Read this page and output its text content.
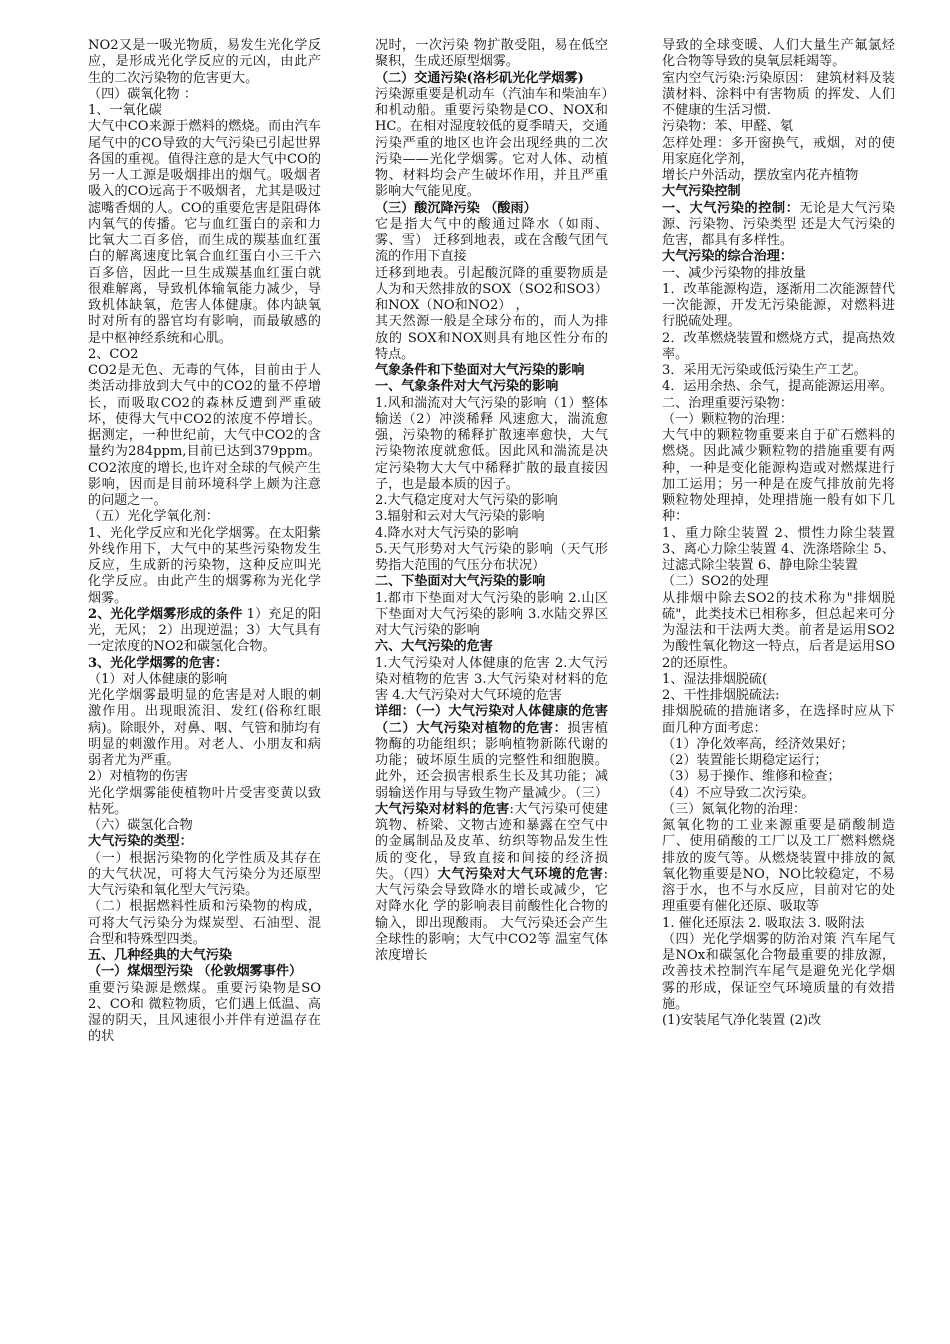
NO2又是一吸光物质，易发生光化学反应，是形成光化学反应的元凶，由此产生的二次污染物的危害更大。

（四）碳氧化物 ：

1、一氧化碳

大气中CO来源于燃料的燃烧。而由汽车尾气中的CO导致的大气污染已引起世界各国的重视。值得注意的是大气中CO的另一人工源是吸烟排出的烟气。吸烟者吸入的CO远高于不吸烟者，尤其是吸过滤嘴香烟的人。CO的重要危害是阻碍体内氧气的传播。它与血红蛋白的亲和力比氧大二百多倍，而生成的羰基血红蛋白的解离速度比氧合血红蛋白小三千六百多倍，因此一旦生成羰基血红蛋白就很难解离，导致机体输氧能力减少，导致机体缺氧，危害人体健康。体内缺氧时对所有的器官均有影响，而最敏感的是中枢神经系统和心肌。

2、CO2

CO2是无色、无毒的气体，目前由于人类活动排放到大气中的CO2的量不停增长，而吸取CO2的森林反遭到严重破坏，使得大气中CO2的浓度不停增长。据测定，一种世纪前，大气中CO2的含量约为284ppm,目前已达到379ppm。 CO2浓度的增长,也许对全球的气候产生影响，因而是目前环境科学上颇为注意的问题之一。

（五）光化学氧化剂：

1、光化学反应和光化学烟雾。在太阳紫外线作用下，大气中的某些污染物发生反应，生成新的污染物，这种反应叫光化学反应。由此产生的烟雾称为光化学烟雾。

2、光化学烟雾形成的条件 1）充足的阳光，无风； 2）出现逆温；3）大气具有一定浓度的NO2和碳氢化合物。

3、光化学烟雾的危害：

（1）对人体健康的影响

光化学烟雾最明显的危害是对人眼的刺激作用。出现眼流泪、发红(俗称红眼病)。除眼外，对鼻、咽、气管和肺均有明显的刺激作用。对老人、小朋友和病弱者尤为严重。

2）对植物的伤害

光化学烟雾能使植物叶片受害变黄以致枯死。

（六）碳氢化合物

大气污染的类型：

（一）根据污染物的化学性质及其存在的大气状况，可将大气污染分为还原型大气污染和氧化型大气污染。

（二）根据燃料性质和污染物的构成，可将大气污染分为煤炭型、石油型、混合型和特殊型四类。

五、几种经典的大气污染

（一）煤烟型污染 （伦敦烟雾事件）

重要污染源是燃煤。重要污染物是SO2、CO和 微粒物质，它们遇上低温、高湿的阴天，且风速很小并伴有逆温存在的状

况时，一次污染 物扩散受阻，易在低空聚积，生成还原型烟雾。

（二）交通污染(洛杉矶光化学烟雾)

污染源重要是机动车（汽油车和柴油车）和机动船。重要污染物是CO、NOX和HC。在相对湿度较低的夏季晴天，交通污染严重的地区也许会出现经典的二次污染——光化学烟雾。它对人体、动植物、材料均会产生破坏作用，并且严重影响大气能见度。

（三）酸沉降污染 （酸雨）

它是指大气中的酸通过降水（如雨、雾、雪） 迁移到地表，或在含酸气团气流的作用下直接

迁移到地表。引起酸沉降的重要物质是人为和天然排放的SOX（SO2和SO3）和NOX（NO和NO2） ，

其天然源一般是全球分布的，而人为排放的 SOX和NOX则具有地区性分布的特点。

气象条件和下垫面对大气污染的影响

一、气象条件对大气污染的影响

1.风和湍流对大气污染的影响（1）整体输送（2）冲淡稀释 风速愈大，湍流愈强，污染物的稀释扩散速率愈快，大气污染物浓度就愈低。因此风和湍流是决定污染物大大气中稀释扩散的最直接因子，也是最本质的因子。

2.大气稳定度对大气污染的影响

3.辐射和云对大气污染的影响

4.降水对大气污染的影响

5.天气形势对大气污染的影响（天气形势指大范围的气压分布状况）

二、下垫面对大气污染的影响

1.都市下垫面对大气污染的影响 2.山区下垫面对大气污染的影响 3.水陆交界区对大气污染的影响

六、大气污染的危害

1.大气污染对人体健康的危害 2.大气污染对植物的危害 3.大气污染对材料的危害 4.大气污染对大气环境的危害

详细：（一）大气污染对人体健康的危害（二）大气污染对植物的危害：损害植物酶的功能组织；影响植物新陈代谢的功能；破坏原生质的完整性和细胞膜。此外，还会损害根系生长及其功能；减弱输送作用与导致生物产量减少。（三）大气污染对材料的危害:大气污染可使建筑物、桥梁、文物古迹和暴露在空气中的金属制品及皮革、纺织等物品发生性质的变化，导致直接和间接的经济损失。（四）大气污染对大气环境的危害:大气污染会导致降水的增长或减少，它对降水化 学的影响表目前酸性化合物的输入，即出现酸雨。 大气污染还会产生全球性的影响；大气中CO2等 温室气体浓度增长

导致的全球变暖、人们大量生产氟氯烃化合物等导致的臭氧层耗竭等。

室内空气污染:污染原因： 建筑材料及装潢材料、涂料中有害物质 的挥发、人们不健康的生活习惯.

污染物：苯、甲醛、氡

怎样处理：多开窗换气，戒烟，对的使用家庭化学剂，

增长户外活动，摆放室内花卉植物

大气污染控制

一、大气污染的控制：无论是大气污染源、污染物、污染类型 还是大气污染的危害，都具有多样性。

大气污染的综合治理：

一、减少污染物的排放量

1．改革能源构造，逐渐用二次能源替代一次能源，开发无污染能源，对燃料进行脱硫处理。

2．改革燃烧装置和燃烧方式，提高热效率。

3．采用无污染或低污染生产工艺。

4．运用余热、余气，提高能源运用率。

二、治理重要污染物：

（一）颗粒物的治理：

大气中的颗粒物重要来自于矿石燃料的燃烧。因此减少颗粒物的措施重要有两种，一种是变化能源构造或对燃煤进行加工运用；另一种是在废气排放前先将颗粒物处理掉，处理措施一般有如下几种：

1、重力除尘装置 2、惯性力除尘装置 3、离心力除尘装置 4、洗涤塔除尘 5、过滤式除尘装置 6、静电除尘装置

（二）SO2的处理

从排烟中除去SO2的技术称为"排烟脱硫"，此类技术已相称多，但总起来可分为湿法和干法两大类。前者是运用SO2为酸性氧化物这一特点，后者是运用SO2的还原性。

1、湿法排烟脱硫(

2、干性排烟脱硫法:

排烟脱硫的措施诸多，在选择时应从下面几种方面考虑：

（1）净化效率高，经济效果好；

（2）装置能长期稳定运行；

（3）易于操作、维修和检查；

（4）不应导致二次污染。

（三）氮氧化物的治理：

氮氧化物的工业来源重要是硝酸制造厂、使用硝酸的工厂以及工厂燃料燃烧排放的废气等。从燃烧装置中排放的氮氧化物重要是NO，NO比较稳定，不易溶于水，也不与水反应，目前对它的处理重要有催化还原、吸取等

1. 催化还原法 2. 吸取法 3. 吸附法

（四）光化学烟雾的防治对策 汽车尾气是NOx和碳氢化合物最重要的排放源，改善技术控制汽车尾气是避免光化学烟雾的形成，保证空气环境质量的有效措施。

(1)安装尾气净化装置 (2)改
